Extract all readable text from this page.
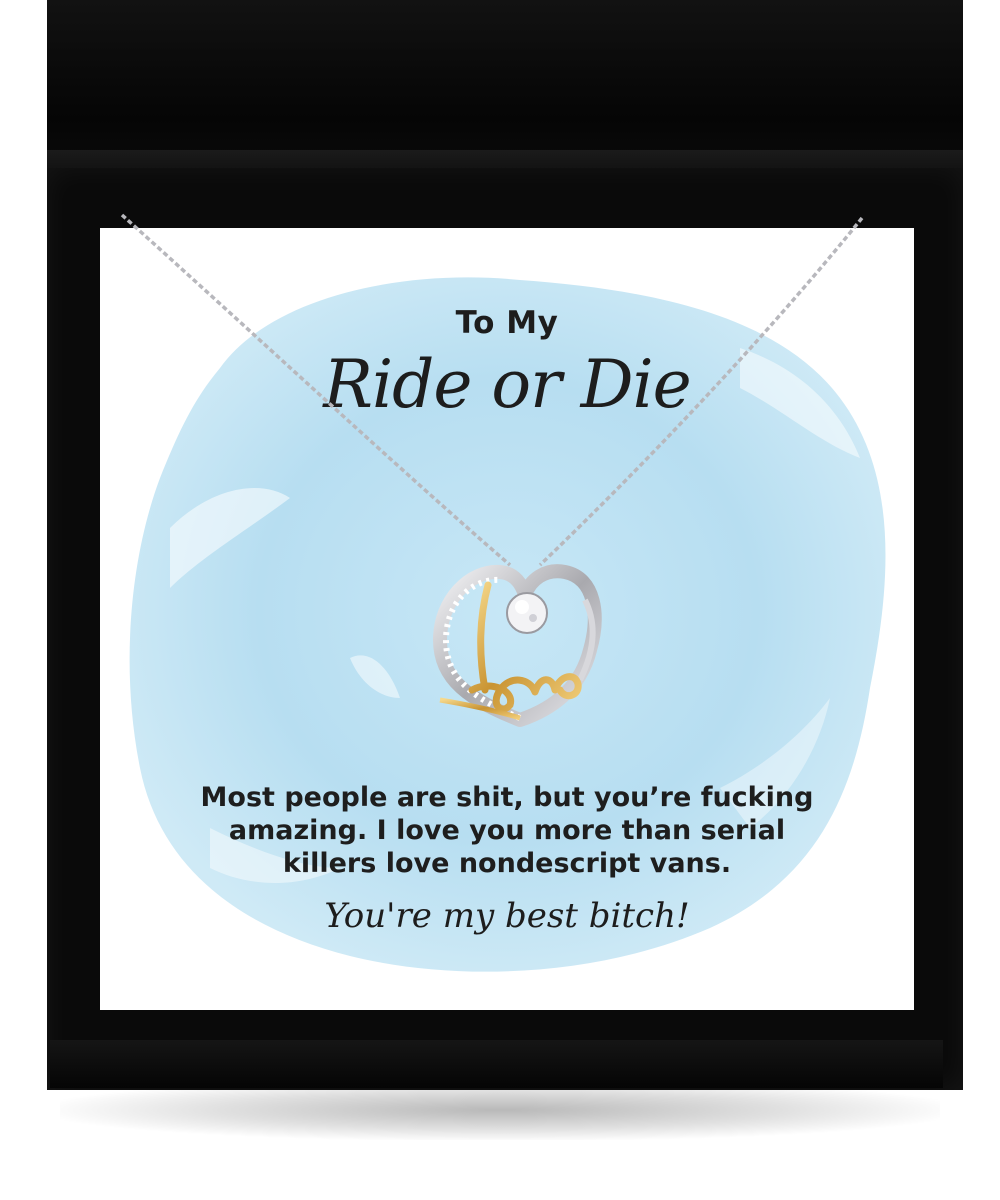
To My
Ride or Die
Most people are shit, but you’re fucking
amazing. I love you more than serial
killers love nondescript vans.
You're my best bitch!
